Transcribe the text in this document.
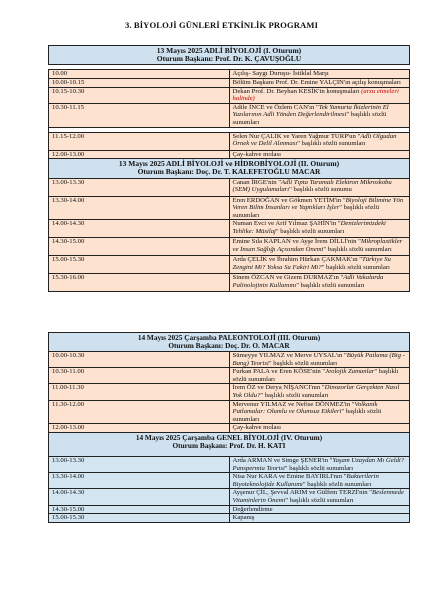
3. BİYOLOJİ GÜNLERİ ETKİNLİK PROGRAMI
13 Mayıs 2025 ADLİ BİYOLOJİ (I. Oturum)
Oturum Başkanı: Prof. Dr. K. ÇAVUŞOĞLU	

10.00	Açılış- Saygı Duruşu- İstiklal Marşı
10.00-10.15	Bölüm Başkanı Prof. Dr. Emine YALÇIN'ın açılış konuşmaları
10.15-10.30	Dekan Prof. Dr. Beyhan KESİK'in konuşmaları (arzu etmeleri halinde)
10.30-11.15	Adile İNCE ve Özlem CAN'ın "Tek Yumurta İkizlerinin El Yazılarının Adli Yönden Değerlendirilmesi" başlıklı sözlü sunumları

11.15-12.00	Selen Nur ÇALIK ve Yaren Yağmur TURP'un "Adli Olgudan Örnek ve Delil Alınması" başlıklı sözlü sunumları
12.00-13.00	Çay-kahve molası

13 Mayıs 2025 ADLİ BİYOLOJİ ve HİDROBİYOLOJİ (II. Oturum)
Oturum Başkanı: Doç. Dr. T. KALEFETOĞLU MACAR	

13.00-13.30	Canan İRGE'nin "Adli Tıpta Taramalı Elektron Mikroskobu (SEM) Uygulamaları" başlıklı sözlü sunumu
13.30-14.00	Eren ERDOĞAN ve Gökmen YETİM'in "Biyoloji Bilimine Yön Veren Bilim İnsanları ve Yaptıkları İşler" başlıklı sözlü sunumları
14.00-14.30	Numan Evci ve Arif Yılmaz ŞAHİN'in "Denizlerimizdeki Tehlike: Müsilaj" başlıklı sözlü sunumları
14.30-15.00	Emine Sıla KAPLAN ve Ayşe İrem DİLLİ'nin "Mikroplastikler ve İnsan Sağlığı Açısından Önemi" başlıklı sözlü sunumları
15.00-15.30	Arda ÇELİK ve İbrahim Hürkan ÇAKMAK'ın "Türkiye Su Zengini Mi? Yoksa Su Fakiri Mi?" başlıklı sözlü sunumları
15.30-16.00	Sinem ÖZCAN ve Gizem DURMAZ'ın "Adli Vakalarda Palinolojinin Kullanımı" başlıklı sözlü sunumları
14 Mayıs 2025 Çarşamba PALEONTOLOJİ (III. Oturum)
Oturum Başkanı: Doç. Dr. O. MACAR	

10.00-10.30	Sümeyye YILMAZ ve Merve UYSAL'ın "Büyük Patlama (Big - Bang) Teorisi" başlıklı sözlü sunumları
10.30-11.00	Furkan PALA ve Eren KÖSE'nin "Jeolojik Zamanlar" başlıklı sözlü sunumları
11.00-11.30	İrem ÖZ ve Derya NİŞANCI'nın "Dinozorlar Gerçekten Nasıl Yok Oldu?" başlıklı sözlü sunumları
11.30-12.00	Mervenur YILMAZ ve Nefise DÖNMEZ'in "Volkanik Patlamalar: Olumlu ve Olumsuz Etkileri" başlıklı sözlü sunumları
12.00-13.00	Çay-kahve molası

14 Mayıs 2025 Çarşamba GENEL BİYOLOJİ (IV. Oturum)
Oturum Başkanı: Prof. Dr. H. KATI	

13.00-13.30	Arda ARMAN ve Simge ŞENER'in "Yaşam Uzaydan Mı Geldi? Panspermia Teorisi" başlıklı sözlü sunumları
13.30-14.00	Nisa Nur KARA ve Emine BAYIRLI'nın "Bakterilerin Biyoteknolojide Kullanımı" başlıklı sözlü sunumları
14.00-14.30	Ayşenur ÇİL, Şevval ARIM ve Gülfem TERZİ'nin "Beslenmede Vitaminlerin Önemi" başlıklı sözlü sunumları
14.30-15.00	Değerlendirme
15.00-15.30	Kapanış
